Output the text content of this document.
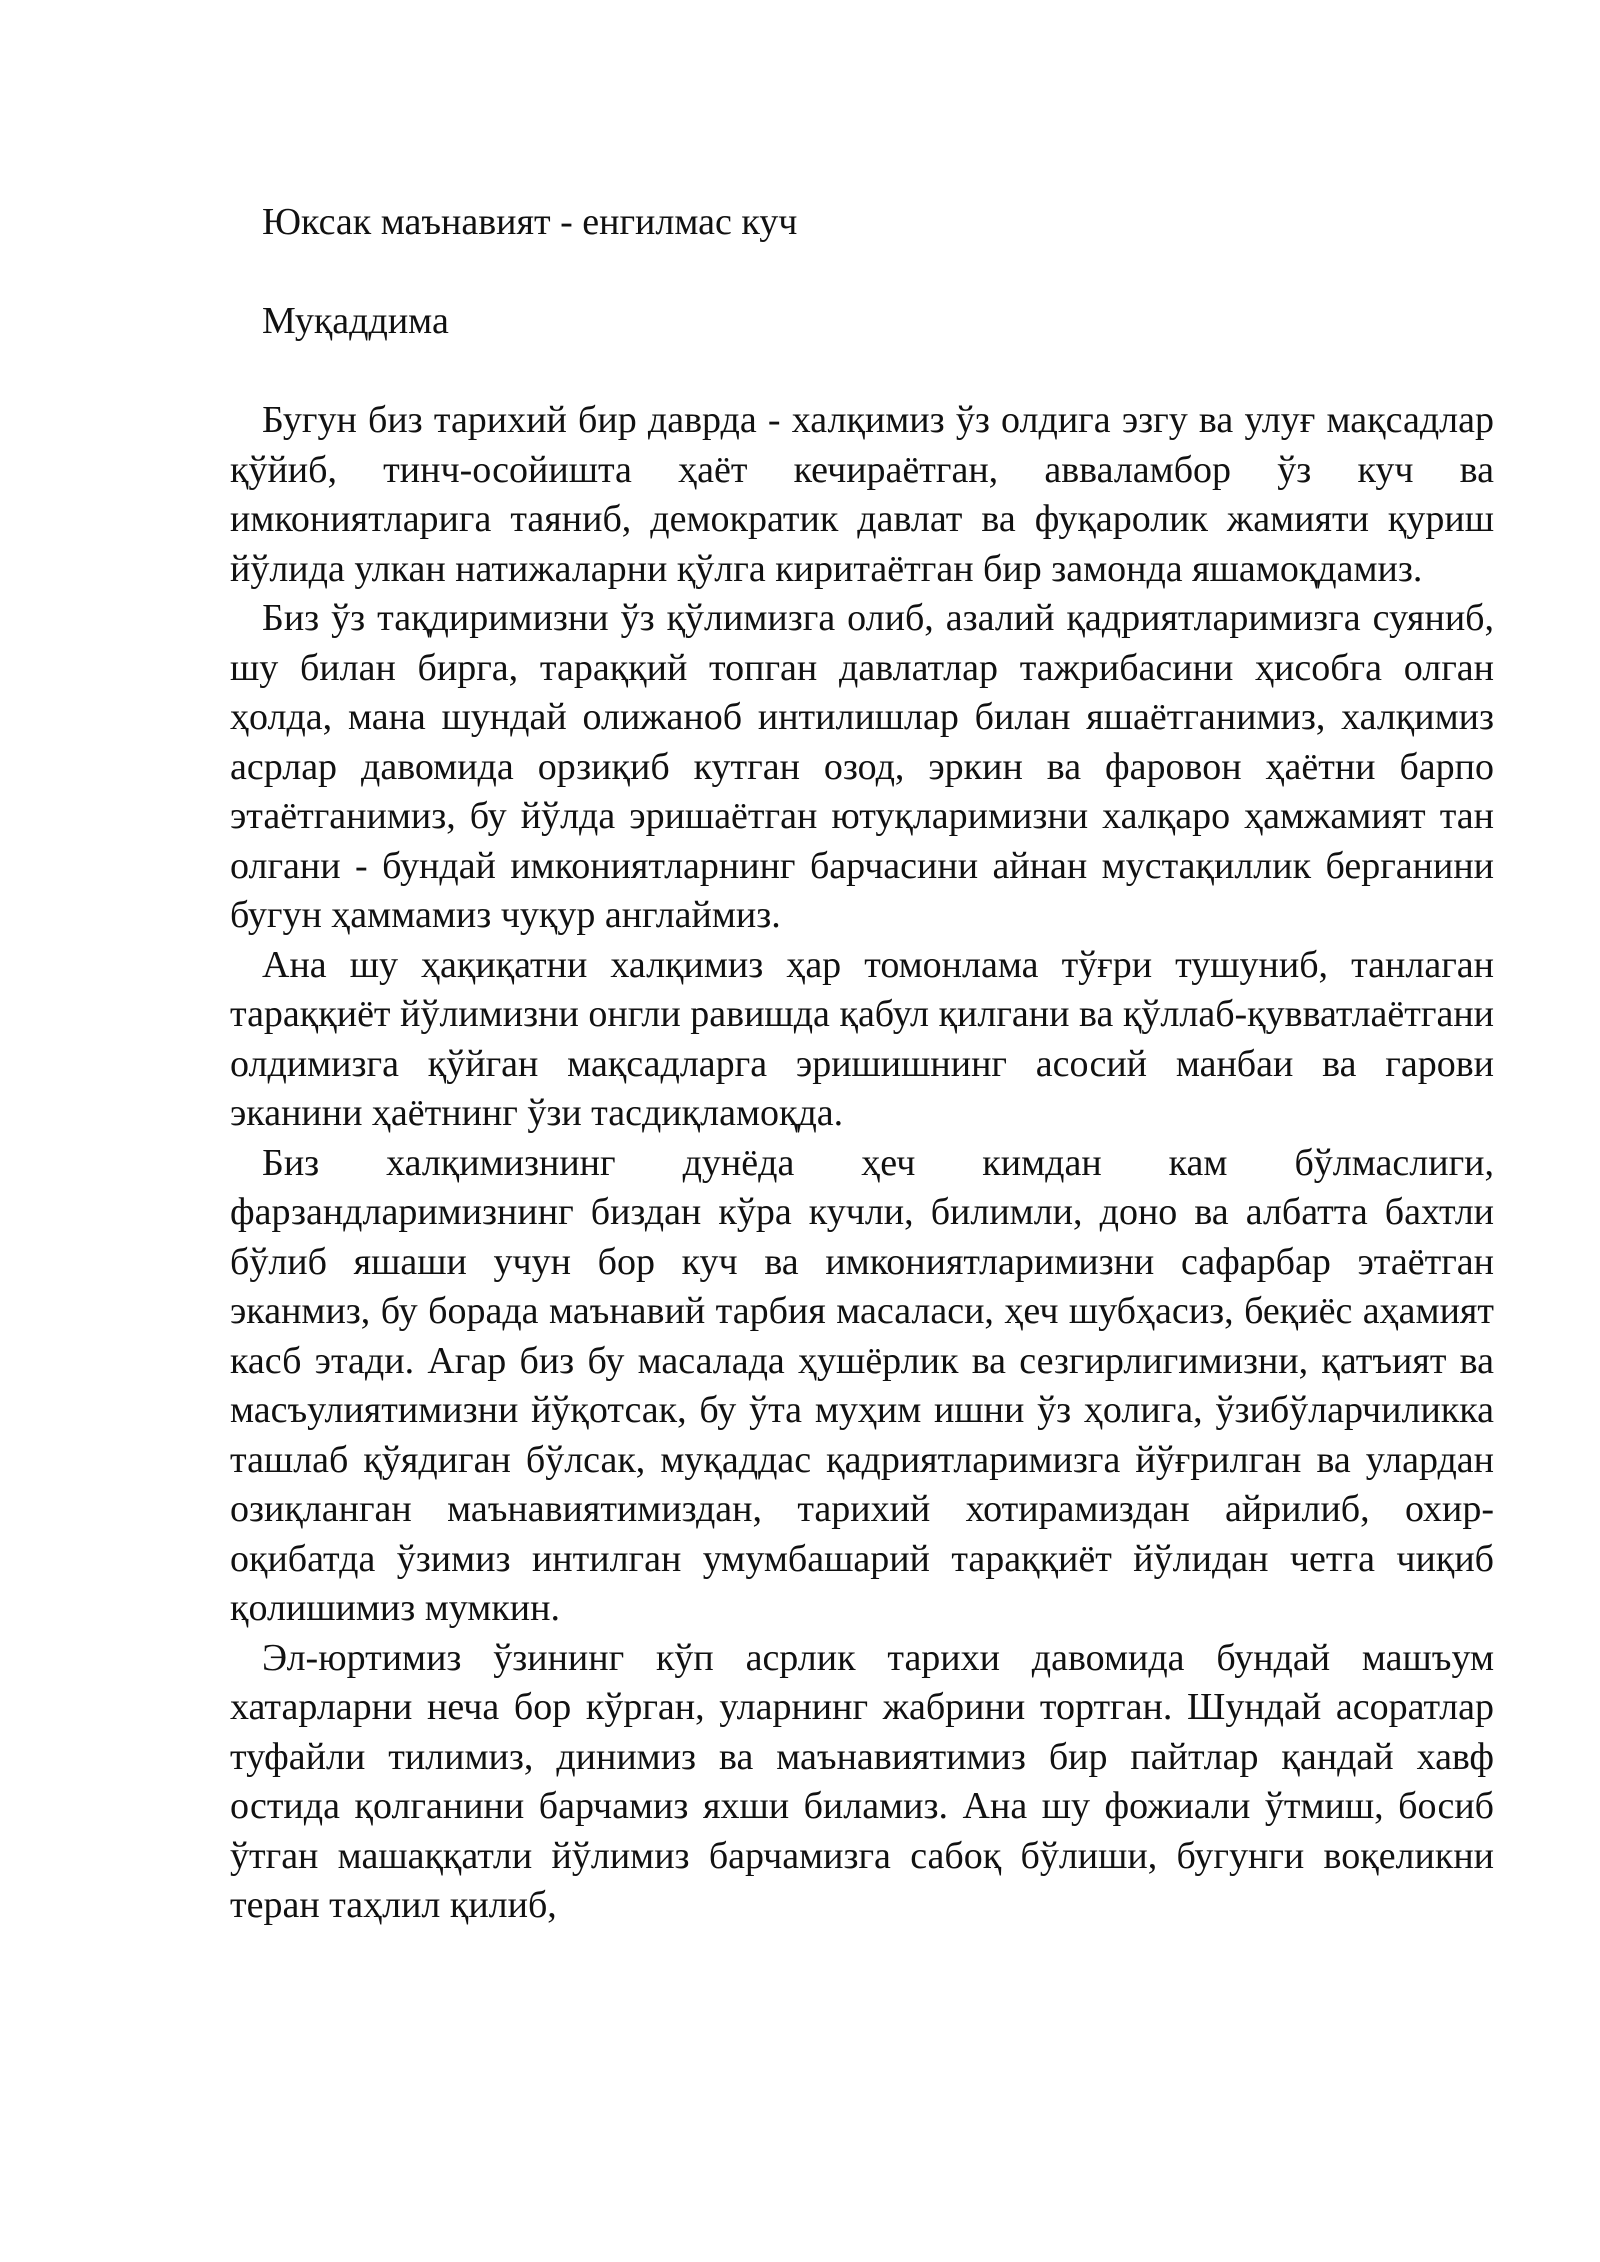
Юксак маънавият - енгилмас куч
Муқаддима

Бугун биз тарихий бир даврда - халқимиз ўз олдига эзгу ва улуғ мақсадлар қўйиб, тинч-осойишта ҳаёт кечираётган, авваламбор ўз куч ва имкониятларига таяниб, демократик давлат ва фуқаролик жамияти қуриш йўлида улкан натижаларни қўлга киритаётган бир замонда яшамоқдамиз.

Биз ўз тақдиримизни ўз қўлимизга олиб, азалий қадриятларимизга суяниб, шу билан бирга, тараққий топган давлатлар тажрибасини ҳисобга олган ҳолда, мана шундай олижаноб интилишлар билан яшаётганимиз, халқимиз асрлар давомида орзиқиб кутган озод, эркин ва фаровон ҳаётни барпо этаётганимиз, бу йўлда эришаётган ютуқларимизни халқаро ҳамжамият тан олгани - бундай имкониятларнинг барчасини айнан мустақиллик берганини бугун ҳаммамиз чуқур англаймиз.

Ана шу ҳақиқатни халқимиз ҳар томонлама тўғри тушуниб, танлаган тараққиёт йўлимизни онгли равишда қабул қилгани ва қўллаб-қувватлаётгани олдимизга қўйган мақсадларга эришишнинг асосий манбаи ва гарови эканини ҳаётнинг ўзи тасдиқламоқда.

Биз халқимизнинг дунёда ҳеч кимдан кам бўлмаслиги, фарзандларимизнинг биздан кўра кучли, билимли, доно ва албатта бахтли бўлиб яшаши учун бор куч ва имкониятларимизни сафарбар этаётган эканмиз, бу борада маънавий тарбия масаласи, ҳеч шубҳасиз, беқиёс аҳамият касб этади. Агар биз бу масалада ҳушёрлик ва сезгирлигимизни, қатъият ва масъулиятимизни йўқотсак, бу ўта муҳим ишни ўз ҳолига, ўзибўларчиликка ташлаб қўядиган бўлсак, муқаддас қадриятларимизга йўғрилган ва улардан озиқланган маънавиятимиздан, тарихий хотирамиздан айрилиб, охир-оқибатда ўзимиз интилган умумбашарий тараққиёт йўлидан четга чиқиб қолишимиз мумкин.

Эл-юртимиз ўзининг кўп асрлик тарихи давомида бундай машъум хатарларни неча бор кўрган, уларнинг жабрини тортган. Шундай асоратлар туфайли тилимиз, динимиз ва маънавиятимиз бир пайтлар қандай хавф остида қолганини барчамиз яхши биламиз. Ана шу фожиали ўтмиш, босиб ўтган машаққатли йўлимиз барчамизга сабоқ бўлиши, бугунги воқеликни теран таҳлил қилиб,
